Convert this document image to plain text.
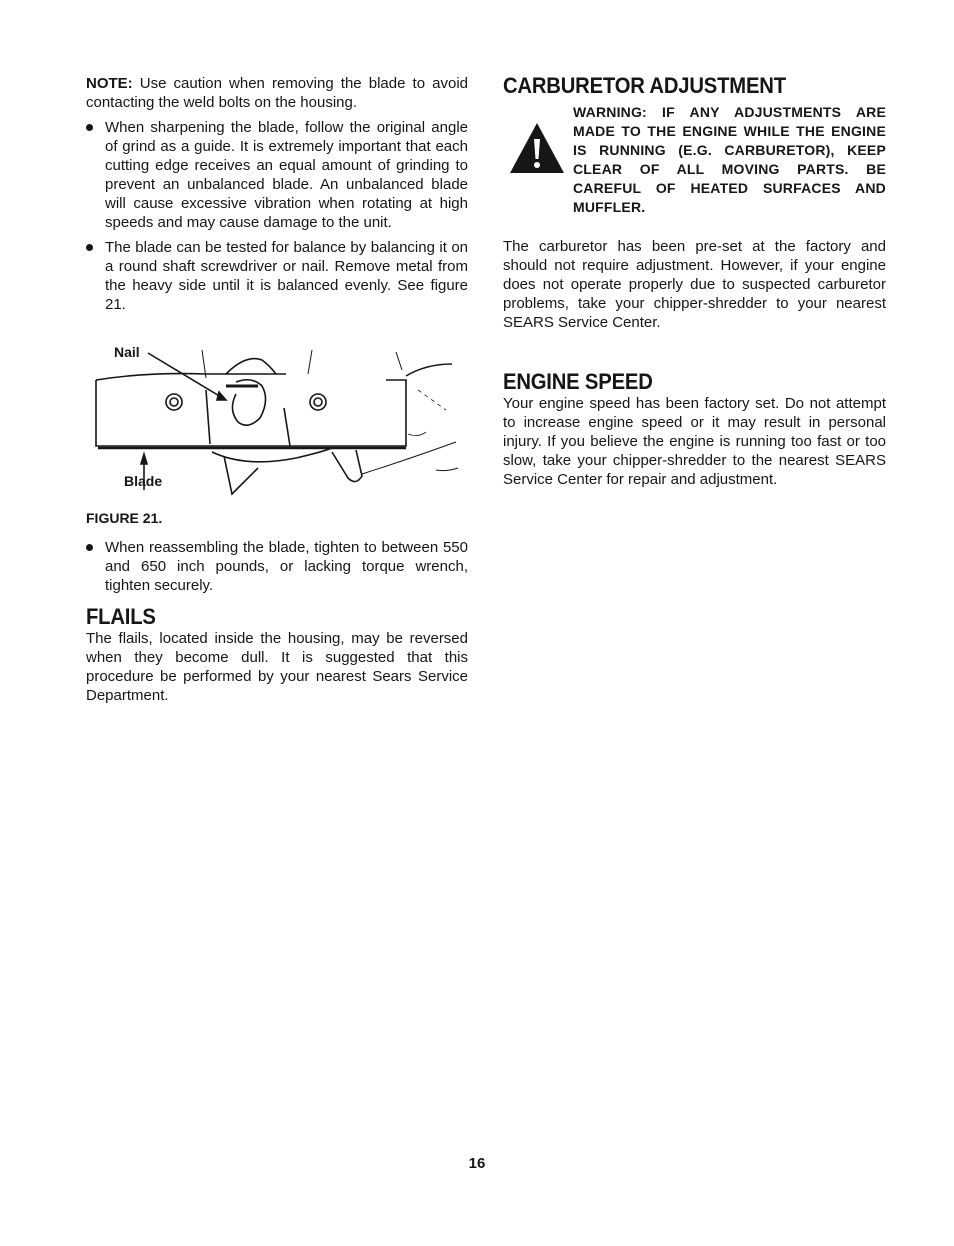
NOTE: Use caution when removing the blade to avoid contacting the weld bolts on the housing.

When sharpening the blade, follow the original angle of grind as a guide. It is extremely important that each cutting edge receives an equal amount of grinding to prevent an unbalanced blade. An unbalanced blade will cause excessive vibration when rotating at high speeds and may cause damage to the unit.
The blade can be tested for balance by balancing it on a round shaft screwdriver or nail. Remove metal from the heavy side until it is balanced evenly. See figure 21.
Nail
Blade
FIGURE 21.
When reassembling the blade, tighten to between 550 and 650 inch pounds, or lacking torque wrench, tighten securely.
FLAILS

The flails, located inside the housing, may be reversed when they become dull. It is suggested that this procedure be performed by your nearest Sears Service Department.

CARBURETOR ADJUSTMENT
WARNING: IF ANY ADJUSTMENTS ARE MADE TO THE ENGINE WHILE THE ENGINE IS RUNNING (E.G. CARBURETOR), KEEP CLEAR OF ALL MOVING PARTS. BE CAREFUL OF HEATED SURFACES AND MUFFLER.

The carburetor has been pre-set at the factory and should not require adjustment. However, if your engine does not operate properly due to suspected carburetor problems, take your chipper-shredder to your nearest SEARS Service Center.

ENGINE SPEED

Your engine speed has been factory set. Do not attempt to increase engine speed or it may result in personal injury. If you believe the engine is running too fast or too slow, take your chipper-shredder to the nearest SEARS Service Center for repair and adjustment.

16
